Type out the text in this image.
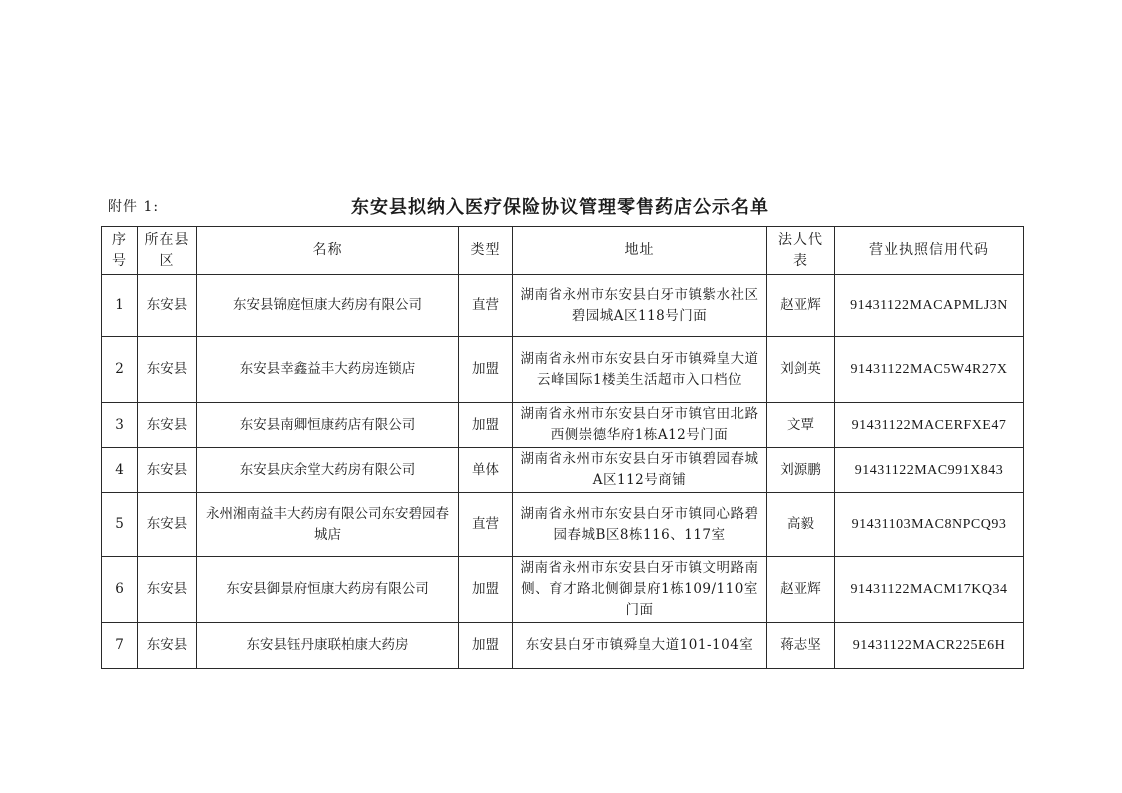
附件 1:	东安县拟纳入医疗保险协议管理零售药店公示名单
序号	所在县区	名称	类型	地址	法人代表	营业执照信用代码
1	东安县	东安县锦庭恒康大药房有限公司	直营	湖南省永州市东安县白牙市镇紫水社区碧园城A区118号门面	赵亚辉	91431122MACAPMLJ3N
2	东安县	东安县幸鑫益丰大药房连锁店	加盟	湖南省永州市东安县白牙市镇舜皇大道云峰国际1楼美生活超市入口档位	刘剑英	91431122MAC5W4R27X
3	东安县	东安县南卿恒康药店有限公司	加盟	湖南省永州市东安县白牙市镇官田北路西侧崇德华府1栋A12号门面	文覃	91431122MACERFXE47
4	东安县	东安县庆余堂大药房有限公司	单体	湖南省永州市东安县白牙市镇碧园春城A区112号商铺	刘源鹏	91431122MAC991X843
5	东安县	永州湘南益丰大药房有限公司东安碧园春城店	直营	湖南省永州市东安县白牙市镇同心路碧园春城B区8栋116、117室	高毅	91431103MAC8NPCQ93
6	东安县	东安县御景府恒康大药房有限公司	加盟	湖南省永州市东安县白牙市镇文明路南侧、育才路北侧御景府1栋109/110室门面	赵亚辉	91431122MACM17KQ34
7	东安县	东安县钰丹康联柏康大药房	加盟	东安县白牙市镇舜皇大道101-104室	蒋志坚	91431122MACR225E6H
